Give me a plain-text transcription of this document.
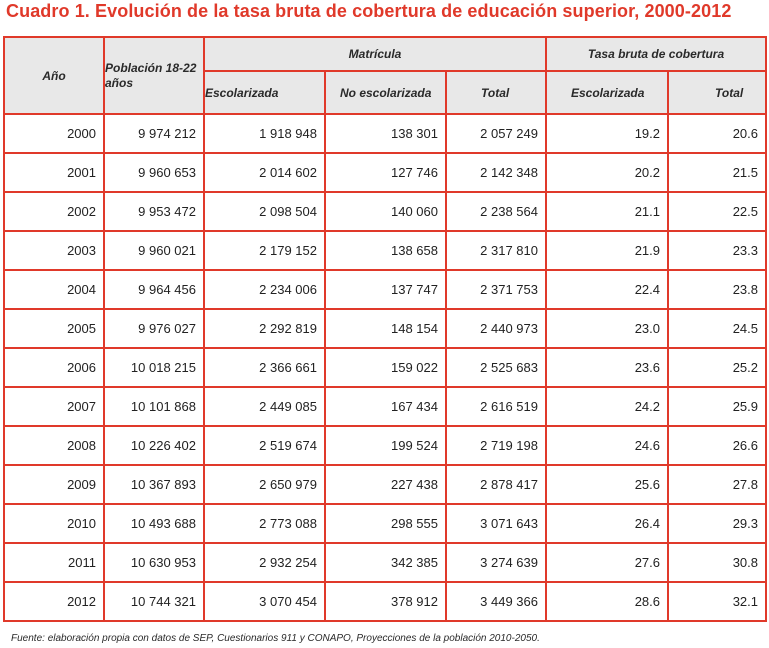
Cuadro 1. Evolución de la tasa bruta de cobertura de educación superior, 2000-2012
Año	Población 18-22 años	Matrícula			Tasa bruta de cobertura	
		Escolarizada	No escolarizada	Total	Escolarizada	Total
2000	9 974 212	1 918 948	138 301	2 057 249	19.2	20.6
2001	9 960 653	2 014 602	127 746	2 142 348	20.2	21.5
2002	9 953 472	2 098 504	140 060	2 238 564	21.1	22.5
2003	9 960 021	2 179 152	138 658	2 317 810	21.9	23.3
2004	9 964 456	2 234 006	137 747	2 371 753	22.4	23.8
2005	9 976 027	2 292 819	148 154	2 440 973	23.0	24.5
2006	10 018 215	2 366 661	159 022	2 525 683	23.6	25.2
2007	10 101 868	2 449 085	167 434	2 616 519	24.2	25.9
2008	10 226 402	2 519 674	199 524	2 719 198	24.6	26.6
2009	10 367 893	2 650 979	227 438	2 878 417	25.6	27.8
2010	10 493 688	2 773 088	298 555	3 071 643	26.4	29.3
2011	10 630 953	2 932 254	342 385	3 274 639	27.6	30.8
2012	10 744 321	3 070 454	378 912	3 449 366	28.6	32.1
Fuente: elaboración propia con datos de SEP, Cuestionarios 911 y CONAPO, Proyecciones de la población 2010-2050.
